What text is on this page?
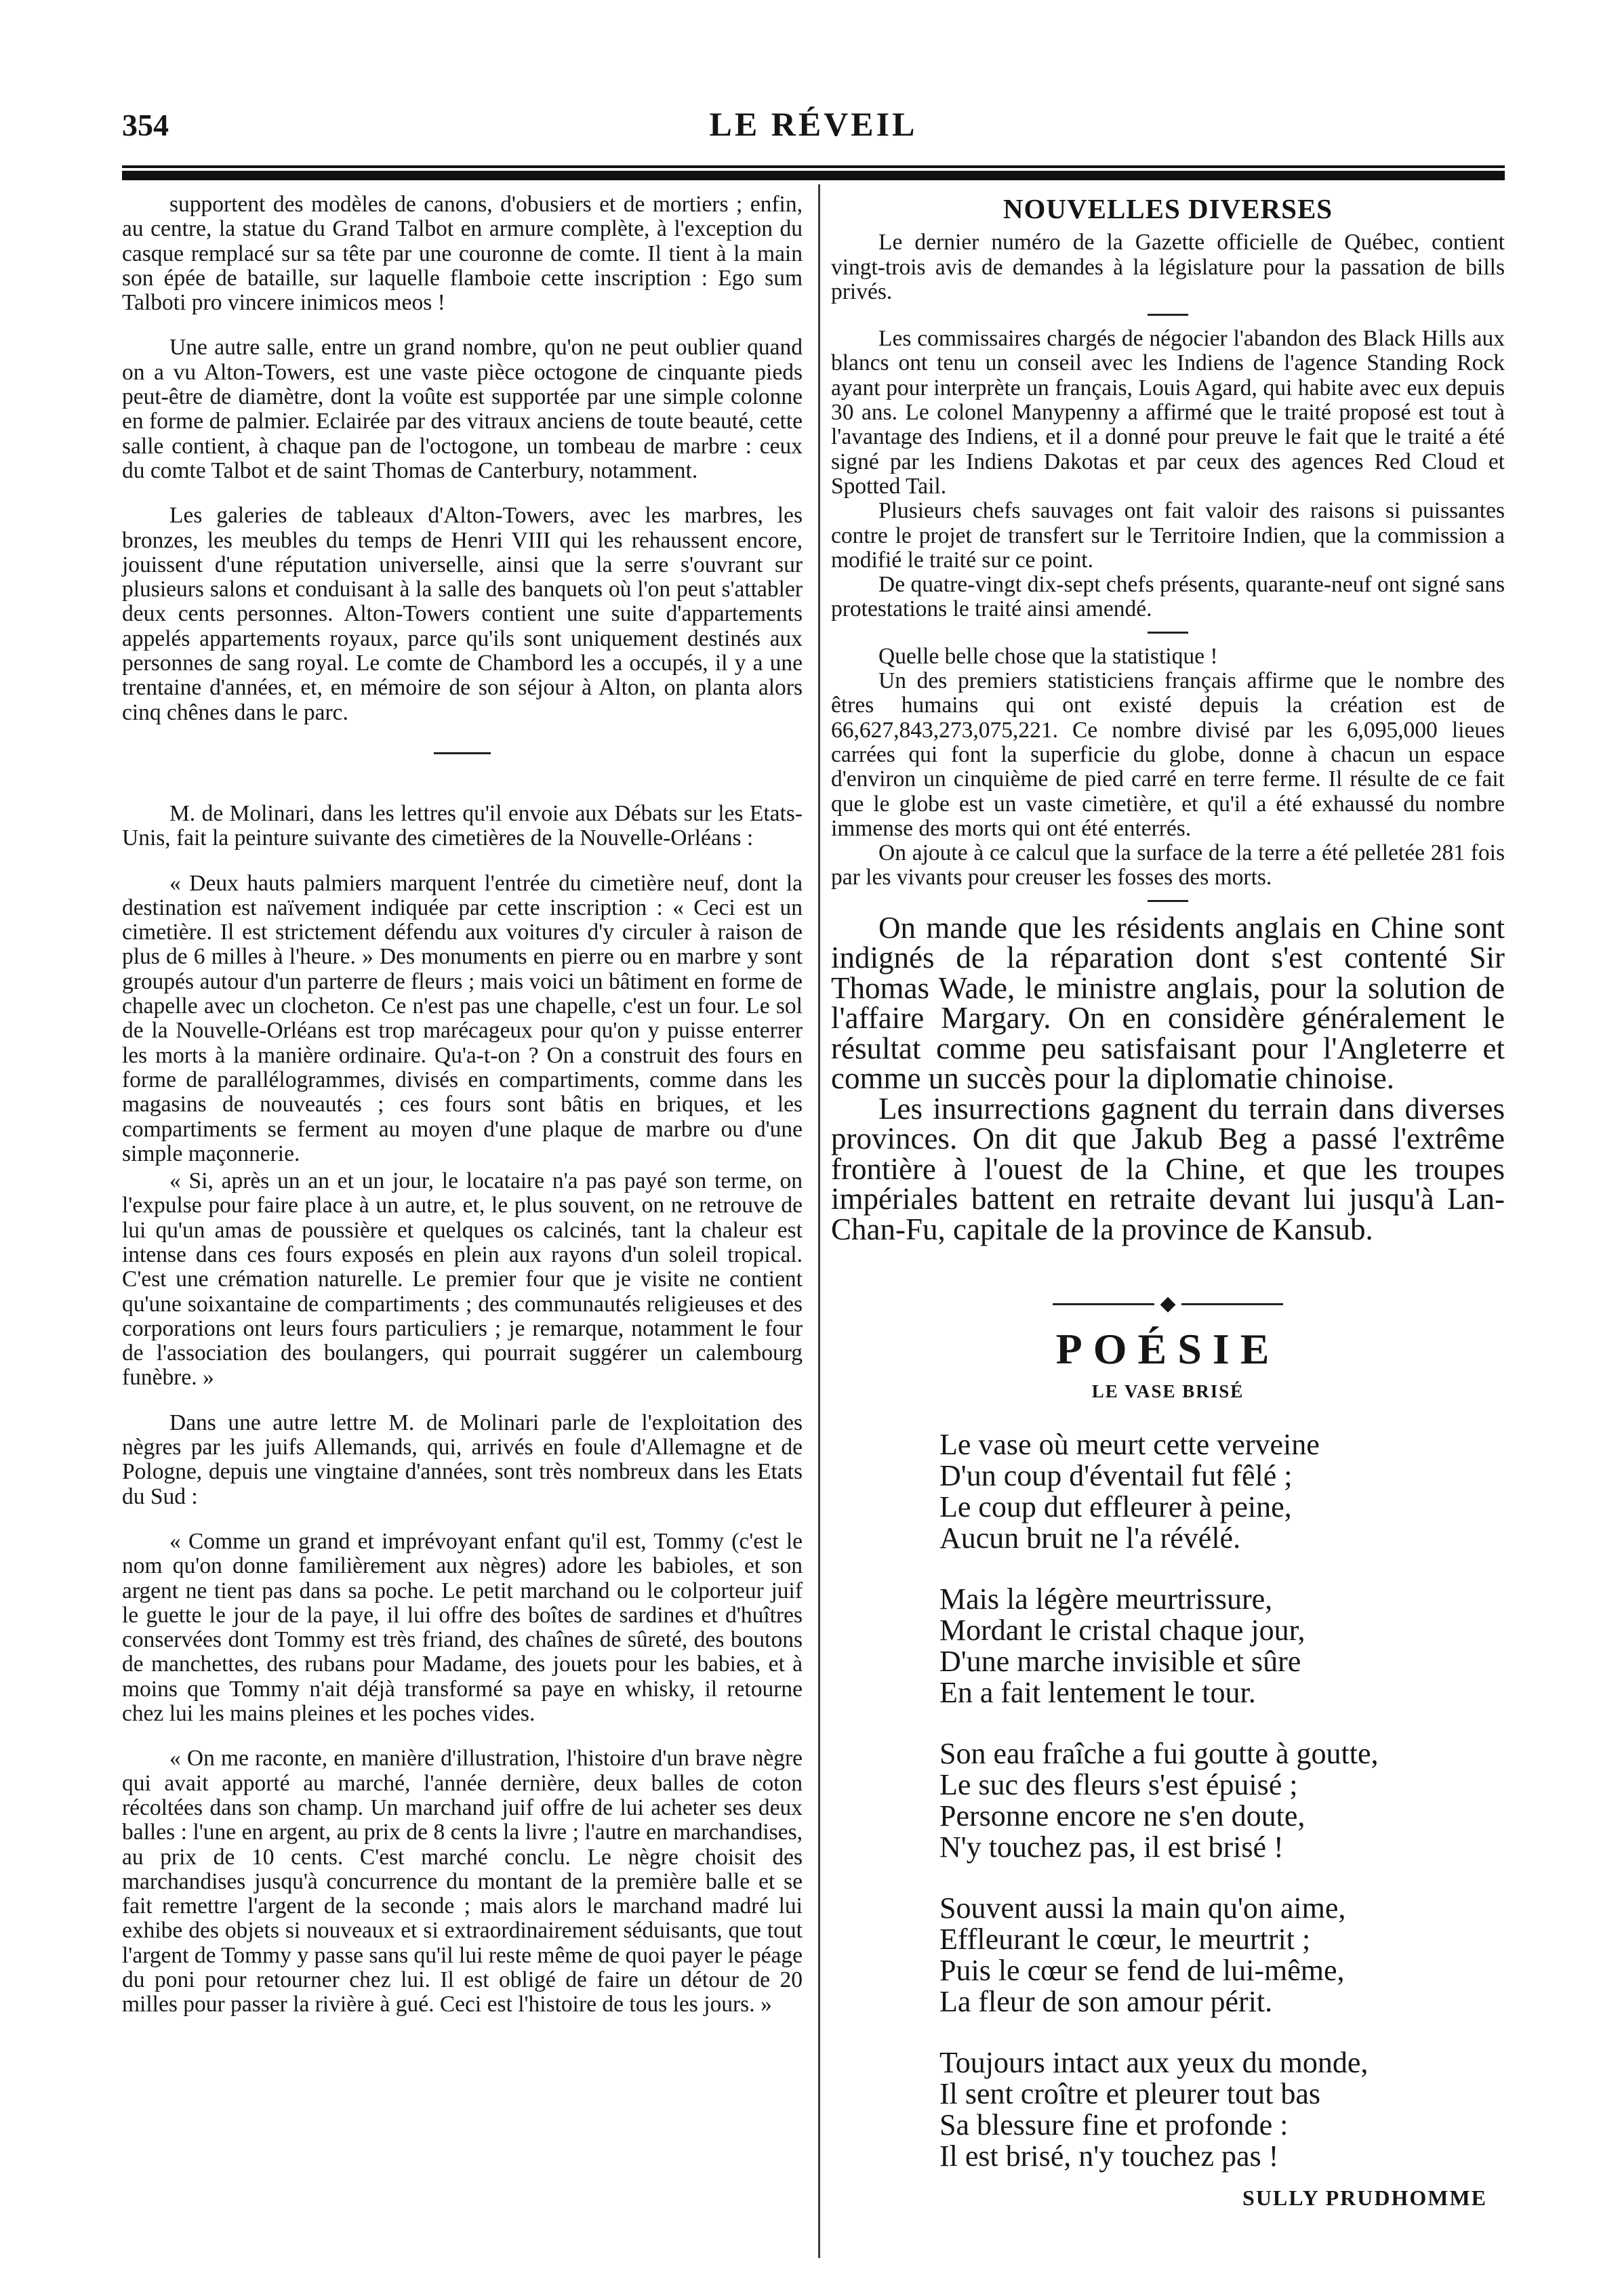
354	LE RÉVEIL

supportent des modèles de canons, d'obusiers et de mortiers ; enfin, au centre, la statue du Grand Talbot en armure complète, à l'exception du casque remplacé sur sa tête par une couronne de comte. Il tient à la main son épée de bataille, sur laquelle flamboie cette inscription : Ego sum Talboti pro vincere inimicos meos !

Une autre salle, entre un grand nombre, qu'on ne peut oublier quand on a vu Alton-Towers, est une vaste pièce octogone de cinquante pieds peut-être de diamètre, dont la voûte est supportée par une simple colonne en forme de palmier. Eclairée par des vitraux anciens de toute beauté, cette salle contient, à chaque pan de l'octogone, un tombeau de marbre : ceux du comte Talbot et de saint Thomas de Canterbury, notamment.

Les galeries de tableaux d'Alton-Towers, avec les marbres, les bronzes, les meubles du temps de Henri VIII qui les rehaussent encore, jouissent d'une réputation universelle, ainsi que la serre s'ouvrant sur plusieurs salons et conduisant à la salle des banquets où l'on peut s'attabler deux cents personnes. Alton-Towers contient une suite d'appartements appelés appartements royaux, parce qu'ils sont uniquement destinés aux personnes de sang royal. Le comte de Chambord les a occupés, il y a une trentaine d'années, et, en mémoire de son séjour à Alton, on planta alors cinq chênes dans le parc.

M. de Molinari, dans les lettres qu'il envoie aux Débats sur les Etats-Unis, fait la peinture suivante des cimetières de la Nouvelle-Orléans :

« Deux hauts palmiers marquent l'entrée du cimetière neuf, dont la destination est naïvement indiquée par cette inscription : « Ceci est un cimetière. Il est strictement défendu aux voitures d'y circuler à raison de plus de 6 milles à l'heure. » Des monuments en pierre ou en marbre y sont groupés autour d'un parterre de fleurs ; mais voici un bâtiment en forme de chapelle avec un clocheton. Ce n'est pas une chapelle, c'est un four. Le sol de la Nouvelle-Orléans est trop marécageux pour qu'on y puisse enterrer les morts à la manière ordinaire. Qu'a-t-on ? On a construit des fours en forme de parallélogrammes, divisés en compartiments, comme dans les magasins de nouveautés ; ces fours sont bâtis en briques, et les compartiments se ferment au moyen d'une plaque de marbre ou d'une simple maçonnerie.

« Si, après un an et un jour, le locataire n'a pas payé son terme, on l'expulse pour faire place à un autre, et, le plus souvent, on ne retrouve de lui qu'un amas de poussière et quelques os calcinés, tant la chaleur est intense dans ces fours exposés en plein aux rayons d'un soleil tropical. C'est une crémation naturelle. Le premier four que je visite ne contient qu'une soixantaine de compartiments ; des communautés religieuses et des corporations ont leurs fours particuliers ; je remarque, notamment le four de l'association des boulangers, qui pourrait suggérer un calembourg funèbre. »

Dans une autre lettre M. de Molinari parle de l'exploitation des nègres par les juifs Allemands, qui, arrivés en foule d'Allemagne et de Pologne, depuis une vingtaine d'années, sont très nombreux dans les Etats du Sud :

« Comme un grand et imprévoyant enfant qu'il est, Tommy (c'est le nom qu'on donne familièrement aux nègres) adore les babioles, et son argent ne tient pas dans sa poche. Le petit marchand ou le colporteur juif le guette le jour de la paye, il lui offre des boîtes de sardines et d'huîtres conservées dont Tommy est très friand, des chaînes de sûreté, des boutons de manchettes, des rubans pour Madame, des jouets pour les babies, et à moins que Tommy n'ait déjà transformé sa paye en whisky, il retourne chez lui les mains pleines et les poches vides.

« On me raconte, en manière d'illustration, l'histoire d'un brave nègre qui avait apporté au marché, l'année dernière, deux balles de coton récoltées dans son champ. Un marchand juif offre de lui acheter ses deux balles : l'une en argent, au prix de 8 cents la livre ; l'autre en marchandises, au prix de 10 cents. C'est marché conclu. Le nègre choisit des marchandises jusqu'à concurrence du montant de la première balle et se fait remettre l'argent de la seconde ; mais alors le marchand madré lui exhibe des objets si nouveaux et si extraordinairement séduisants, que tout l'argent de Tommy y passe sans qu'il lui reste même de quoi payer le péage du poni pour retourner chez lui. Il est obligé de faire un détour de 20 milles pour passer la rivière à gué. Ceci est l'histoire de tous les jours. »

NOUVELLES DIVERSES

Le dernier numéro de la Gazette officielle de Québec, contient vingt-trois avis de demandes à la législature pour la passation de bills privés.

Les commissaires chargés de négocier l'abandon des Black Hills aux blancs ont tenu un conseil avec les Indiens de l'agence Standing Rock ayant pour interprète un français, Louis Agard, qui habite avec eux depuis 30 ans. Le colonel Manypenny a affirmé que le traité proposé est tout à l'avantage des Indiens, et il a donné pour preuve le fait que le traité a été signé par les Indiens Dakotas et par ceux des agences Red Cloud et Spotted Tail.

Plusieurs chefs sauvages ont fait valoir des raisons si puissantes contre le projet de transfert sur le Territoire Indien, que la commission a modifié le traité sur ce point.

De quatre-vingt dix-sept chefs présents, quarante-neuf ont signé sans protestations le traité ainsi amendé.

Quelle belle chose que la statistique !

Un des premiers statisticiens français affirme que le nombre des êtres humains qui ont existé depuis la création est de 66,627,843,273,075,221. Ce nombre divisé par les 6,095,000 lieues carrées qui font la superficie du globe, donne à chacun un espace d'environ un cinquième de pied carré en terre ferme. Il résulte de ce fait que le globe est un vaste cimetière, et qu'il a été exhaussé du nombre immense des morts qui ont été enterrés.

On ajoute à ce calcul que la surface de la terre a été pelletée 281 fois par les vivants pour creuser les fosses des morts.

On mande que les résidents anglais en Chine sont indignés de la réparation dont s'est contenté Sir Thomas Wade, le ministre anglais, pour la solution de l'affaire Margary. On en considère généralement le résultat comme peu satisfaisant pour l'Angleterre et comme un succès pour la diplomatie chinoise.

Les insurrections gagnent du terrain dans diverses provinces. On dit que Jakub Beg a passé l'extrême frontière à l'ouest de la Chine, et que les troupes impériales battent en retraite devant lui jusqu'à Lan-Chan-Fu, capitale de la province de Kansub.

◆
POÉSIE
LE VASE BRISÉ
Le vase où meurt cette verveine
D'un coup d'éventail fut fêlé ;
Le coup dut effleurer à peine,
Aucun bruit ne l'a révélé.
Mais la légère meurtrissure,
Mordant le cristal chaque jour,
D'une marche invisible et sûre
En a fait lentement le tour.
Son eau fraîche a fui goutte à goutte,
Le suc des fleurs s'est épuisé ;
Personne encore ne s'en doute,
N'y touchez pas, il est brisé !
Souvent aussi la main qu'on aime,
Effleurant le cœur, le meurtrit ;
Puis le cœur se fend de lui-même,
La fleur de son amour périt.
Toujours intact aux yeux du monde,
Il sent croître et pleurer tout bas
Sa blessure fine et profonde :
Il est brisé, n'y touchez pas !
SULLY PRUDHOMME
